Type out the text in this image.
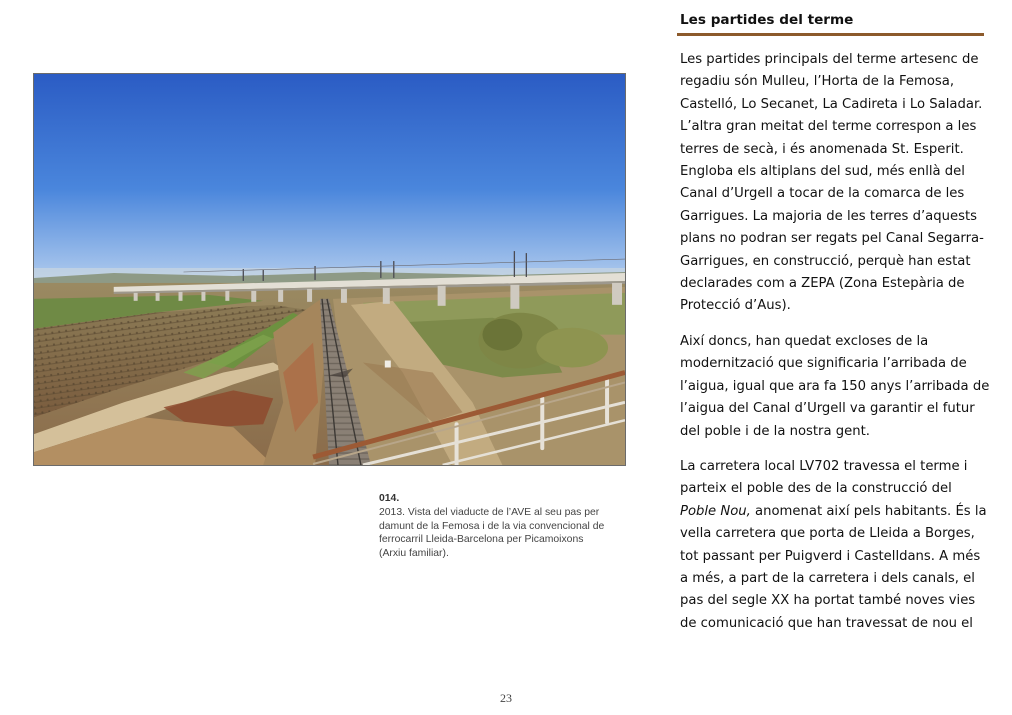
014.
2013. Vista del viaducte de l’AVE al seu pas per
damunt de la Femosa i de la via convencional de
ferrocarril Lleida-Barcelona per Picamoixons
(Arxiu familiar).
Les partides del terme

Les partides principals del terme artesenc de
regadiu són Mulleu, l’Horta de la Femosa,
Castelló, Lo Secanet, La Cadireta i Lo Saladar.
L’altra gran meitat del terme correspon a les
terres de secà, i és anomenada St. Esperit.
Engloba els altiplans del sud, més enllà del
Canal d’Urgell a tocar de la comarca de les
Garrigues. La majoria de les terres d’aquests
plans no podran ser regats pel Canal Segarra-
Garrigues, en construcció, perquè han estat
declarades com a ZEPA (Zona Estepària de
Protecció d’Aus).

Així doncs, han quedat excloses de la
modernització que significaria l’arribada de
l’aigua, igual que ara fa 150 anys l’arribada de
l’aigua del Canal d’Urgell va garantir el futur
del poble i de la nostra gent.

La carretera local LV702 travessa el terme i
parteix el poble des de la construcció del
Poble Nou, anomenat així pels habitants. És la
vella carretera que porta de Lleida a Borges,
tot passant per Puigverd i Castelldans. A més
a més, a part de la carretera i dels canals, el
pas del segle XX ha portat també noves vies
de comunicació que han travessat de nou el

23
